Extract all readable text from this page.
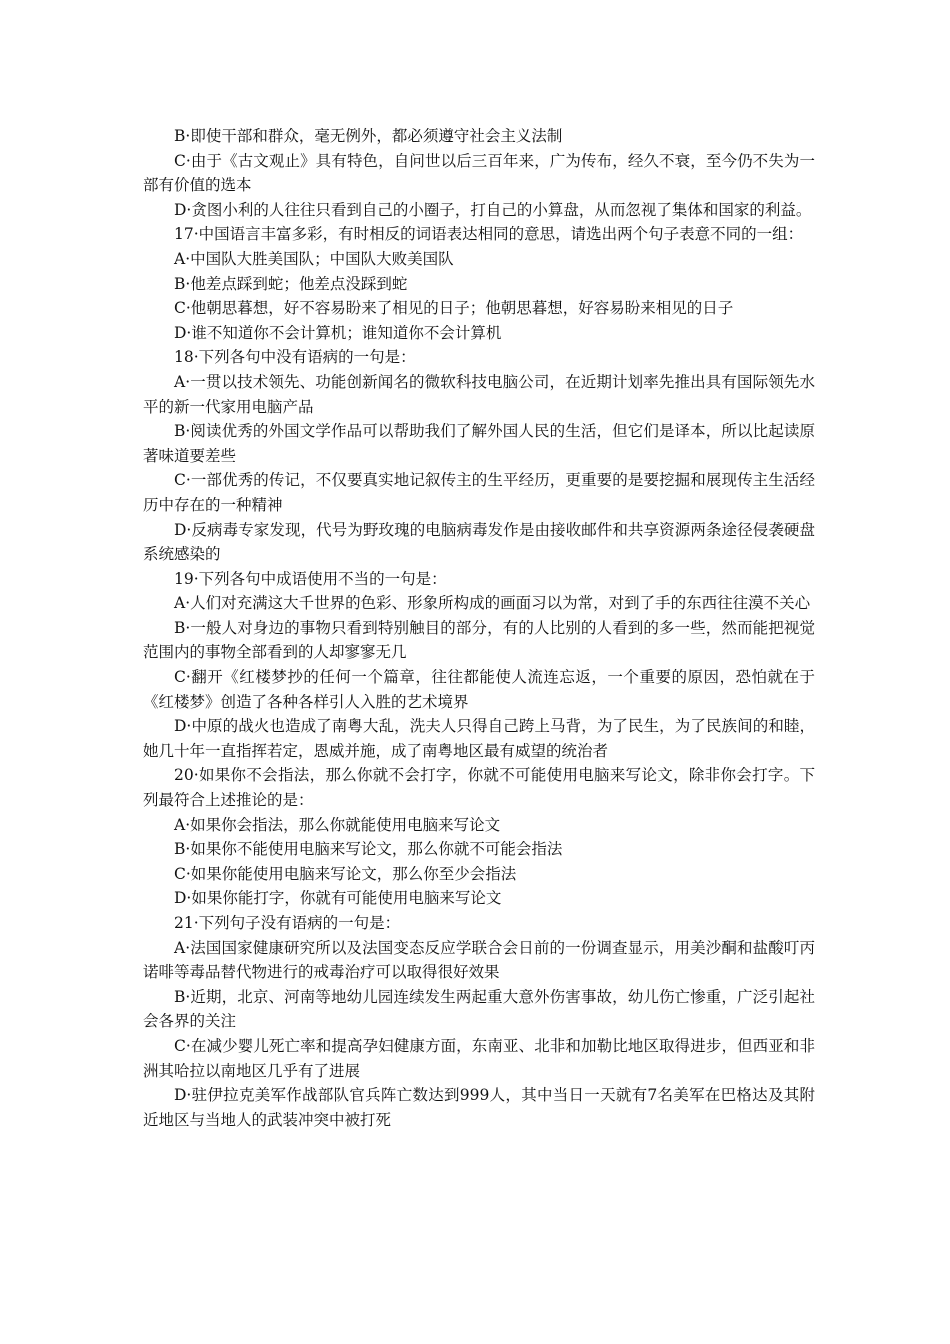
B·即使干部和群众，毫无例外，都必须遵守社会主义法制

C·由于《古文观止》具有特色，自问世以后三百年来，广为传布，经久不衰，至今仍不失为一部有价值的选本

D·贪图小利的人往往只看到自己的小圈子，打自己的小算盘，从而忽视了集体和国家的利益。

17·中国语言丰富多彩，有时相反的词语表达相同的意思，请选出两个句子表意不同的一组：

A·中国队大胜美国队；中国队大败美国队

B·他差点踩到蛇；他差点没踩到蛇

C·他朝思暮想，好不容易盼来了相见的日子；他朝思暮想，好容易盼来相见的日子

D·谁不知道你不会计算机；谁知道你不会计算机

18·下列各句中没有语病的一句是：

A·一贯以技术领先、功能创新闻名的微软科技电脑公司，在近期计划率先推出具有国际领先水平的新一代家用电脑产品

B·阅读优秀的外国文学作品可以帮助我们了解外国人民的生活，但它们是译本，所以比起读原著味道要差些

C·一部优秀的传记，不仅要真实地记叙传主的生平经历，更重要的是要挖掘和展现传主生活经历中存在的一种精神

D·反病毒专家发现，代号为野玫瑰的电脑病毒发作是由接收邮件和共享资源两条途径侵袭硬盘系统感染的

19·下列各句中成语使用不当的一句是：

A·人们对充满这大千世界的色彩、形象所构成的画面习以为常，对到了手的东西往往漠不关心

B·一般人对身边的事物只看到特别触目的部分，有的人比别的人看到的多一些，然而能把视觉范围内的事物全部看到的人却寥寥无几

C·翻开《红楼梦抄的任何一个篇章，往往都能使人流连忘返，一个重要的原因，恐怕就在于《红楼梦》创造了各种各样引人入胜的艺术境界

D·中原的战火也造成了南粤大乱，洗夫人只得自己跨上马背，为了民生，为了民族间的和睦，她几十年一直指挥若定，恩威并施，成了南粤地区最有威望的统治者

20·如果你不会指法，那么你就不会打字，你就不可能使用电脑来写论文，除非你会打字。下列最符合上述推论的是：

A·如果你会指法，那么你就能使用电脑来写论文

B·如果你不能使用电脑来写论文，那么你就不可能会指法

C·如果你能使用电脑来写论文，那么你至少会指法

D·如果你能打字，你就有可能使用电脑来写论文

21·下列句子没有语病的一句是：

A·法国国家健康研究所以及法国变态反应学联合会日前的一份调查显示，用美沙酮和盐酸叮丙诺啡等毒品替代物进行的戒毒治疗可以取得很好效果

B·近期，北京、河南等地幼儿园连续发生两起重大意外伤害事故，幼儿伤亡惨重，广泛引起社会各界的关注

C·在减少婴儿死亡率和提高孕妇健康方面，东南亚、北非和加勒比地区取得进步，但西亚和非洲其哈拉以南地区几乎有了进展

D·驻伊拉克美军作战部队官兵阵亡数达到999人，其中当日一天就有7名美军在巴格达及其附近地区与当地人的武装冲突中被打死
